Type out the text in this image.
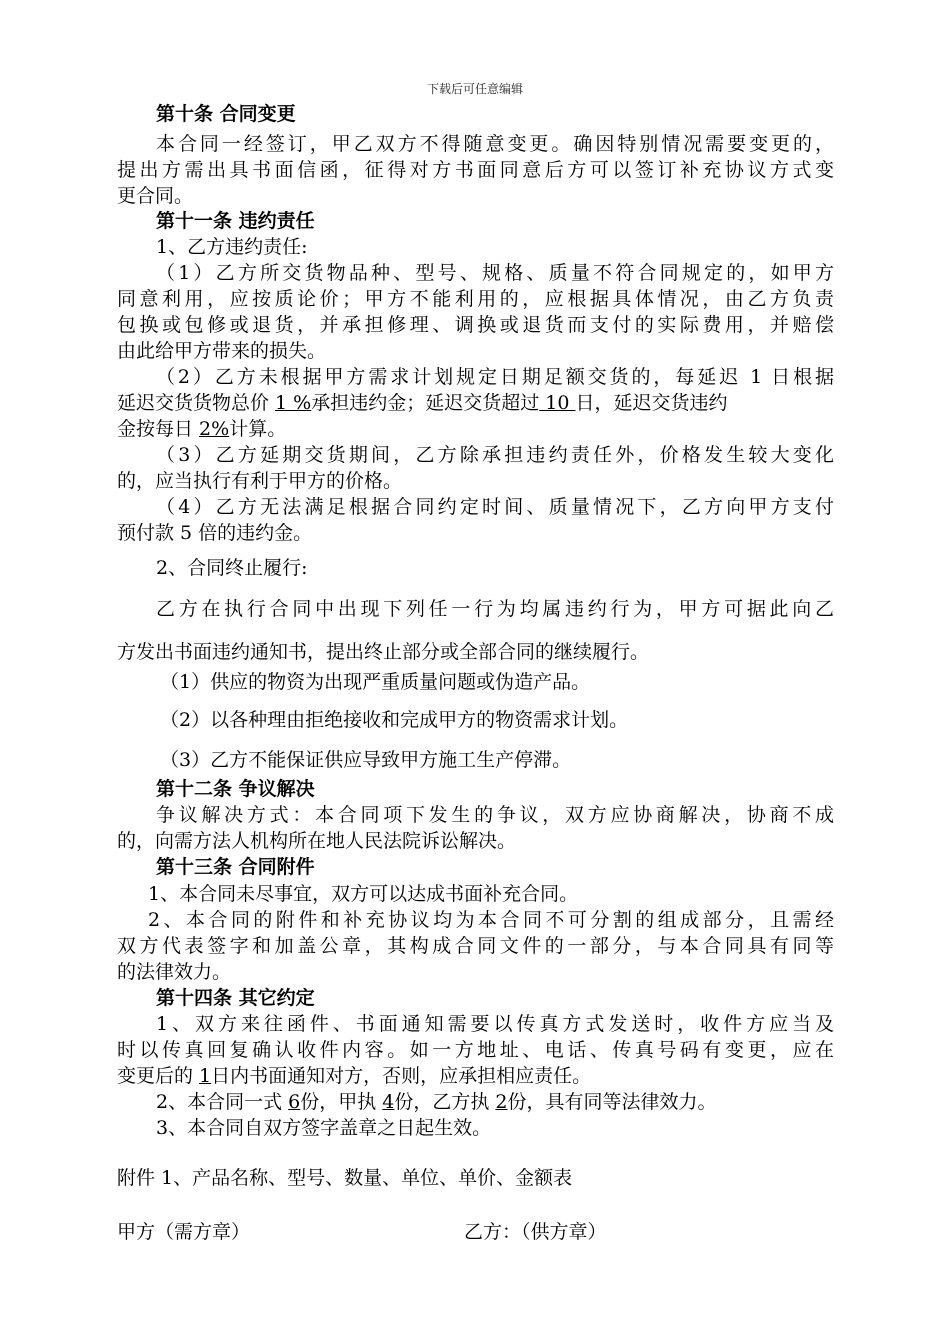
下载后可任意编辑
第十条 合同变更
本合同一经签订，甲乙双方不得随意变更。确因特别情况需要变更的，
提出方需出具书面信函，征得对方书面同意后方可以签订补充协议方式变
更合同。
第十一条 违约责任
1、乙方违约责任:
（1）乙方所交货物品种、型号、规格、质量不符合同规定的，如甲方
同意利用，应按质论价；甲方不能利用的，应根据具体情况，由乙方负责
包换或包修或退货，并承担修理、调换或退货而支付的实际费用，并赔偿
由此给甲方带来的损失。
（2）乙方未根据甲方需求计划规定日期足额交货的，每延迟 1 日根据
延迟交货货物总价 1 %承担违约金；延迟交货超过 10 日，延迟交货违约
金按每日 2%计算。
（3）乙方延期交货期间，乙方除承担违约责任外，价格发生较大变化
的，应当执行有利于甲方的价格。
（4）乙方无法满足根据合同约定时间、质量情况下，乙方向甲方支付
预付款 5 倍的违约金。
2、合同终止履行:
乙方在执行合同中出现下列任一行为均属违约行为，甲方可据此向乙
方发出书面违约通知书，提出终止部分或全部合同的继续履行。
（1）供应的物资为出现严重质量问题或伪造产品。
（2）以各种理由拒绝接收和完成甲方的物资需求计划。
（3）乙方不能保证供应导致甲方施工生产停滞。
第十二条 争议解决
争议解决方式：本合同项下发生的争议，双方应协商解决，协商不成
的，向需方法人机构所在地人民法院诉讼解决。
第十三条 合同附件
1、本合同未尽事宜，双方可以达成书面补充合同。
2、本合同的附件和补充协议均为本合同不可分割的组成部分，且需经
双方代表签字和加盖公章，其构成合同文件的一部分，与本合同具有同等
的法律效力。
第十四条 其它约定
1、双方来往函件、书面通知需要以传真方式发送时，收件方应当及
时以传真回复确认收件内容。如一方地址、电话、传真号码有变更，应在
变更后的 1日内书面通知对方，否则，应承担相应责任。
2、本合同一式 6份，甲执 4份，乙方执 2份，具有同等法律效力。
3、本合同自双方签字盖章之日起生效。
附件 1、产品名称、型号、数量、单位、单价、金额表
甲方（需方章）	乙方：（供方章）
